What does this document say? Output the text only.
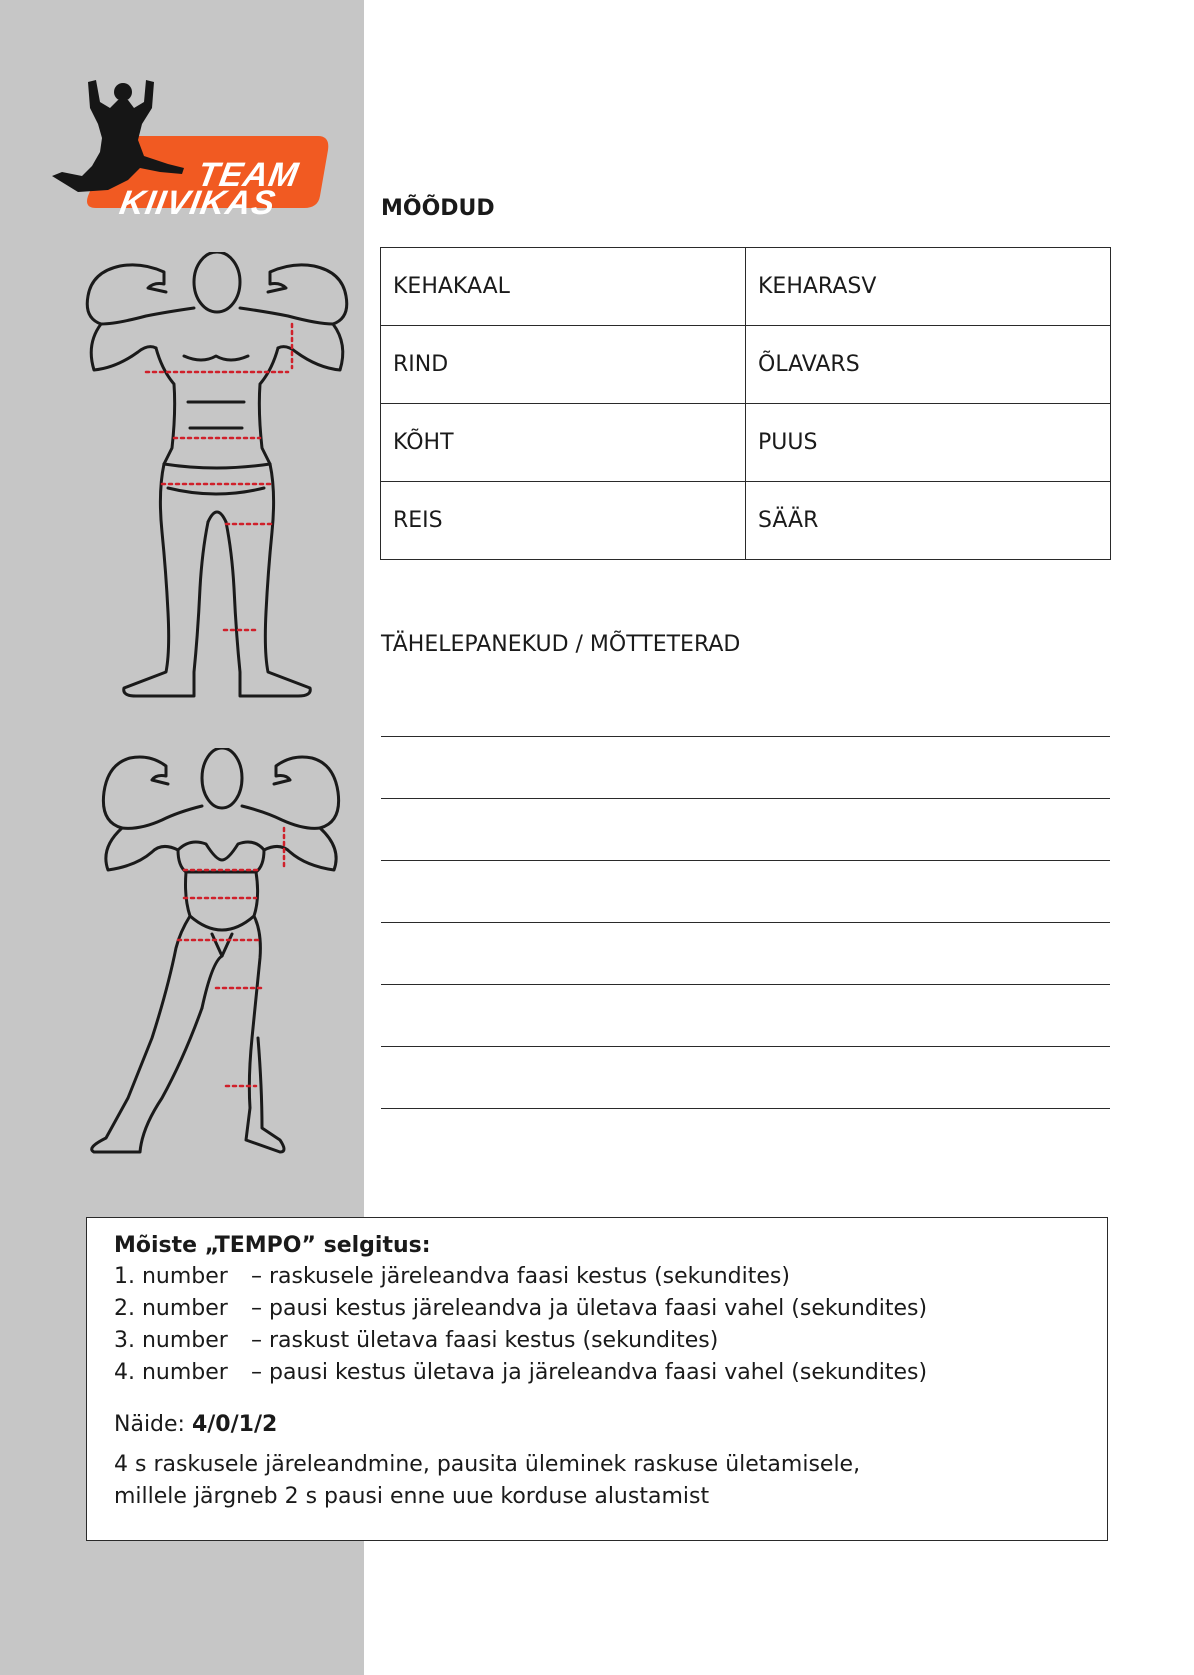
TEAM
KIIVIKAS	MÕÕDUD
KEHAKAAL	KEHARASV
RIND	ÕLAVARS
KÕHT	PUUS
REIS	SÄÄR
TÄHELEPANEKUD / MÕTTETERAD
Mõiste „TEMPO” selgitus:
1. number – raskusele järeleandva faasi kestus (sekundites)
2. number – pausi kestus järeleandva ja ületava faasi vahel (sekundites)
3. number – raskust ületava faasi kestus (sekundites)
4. number – pausi kestus ületava ja järeleandva faasi vahel (sekundites)
Näide: 4/0/1/2
4 s raskusele järeleandmine, pausita üleminek raskuse ületamisele,
millele järgneb 2 s pausi enne uue korduse alustamist
